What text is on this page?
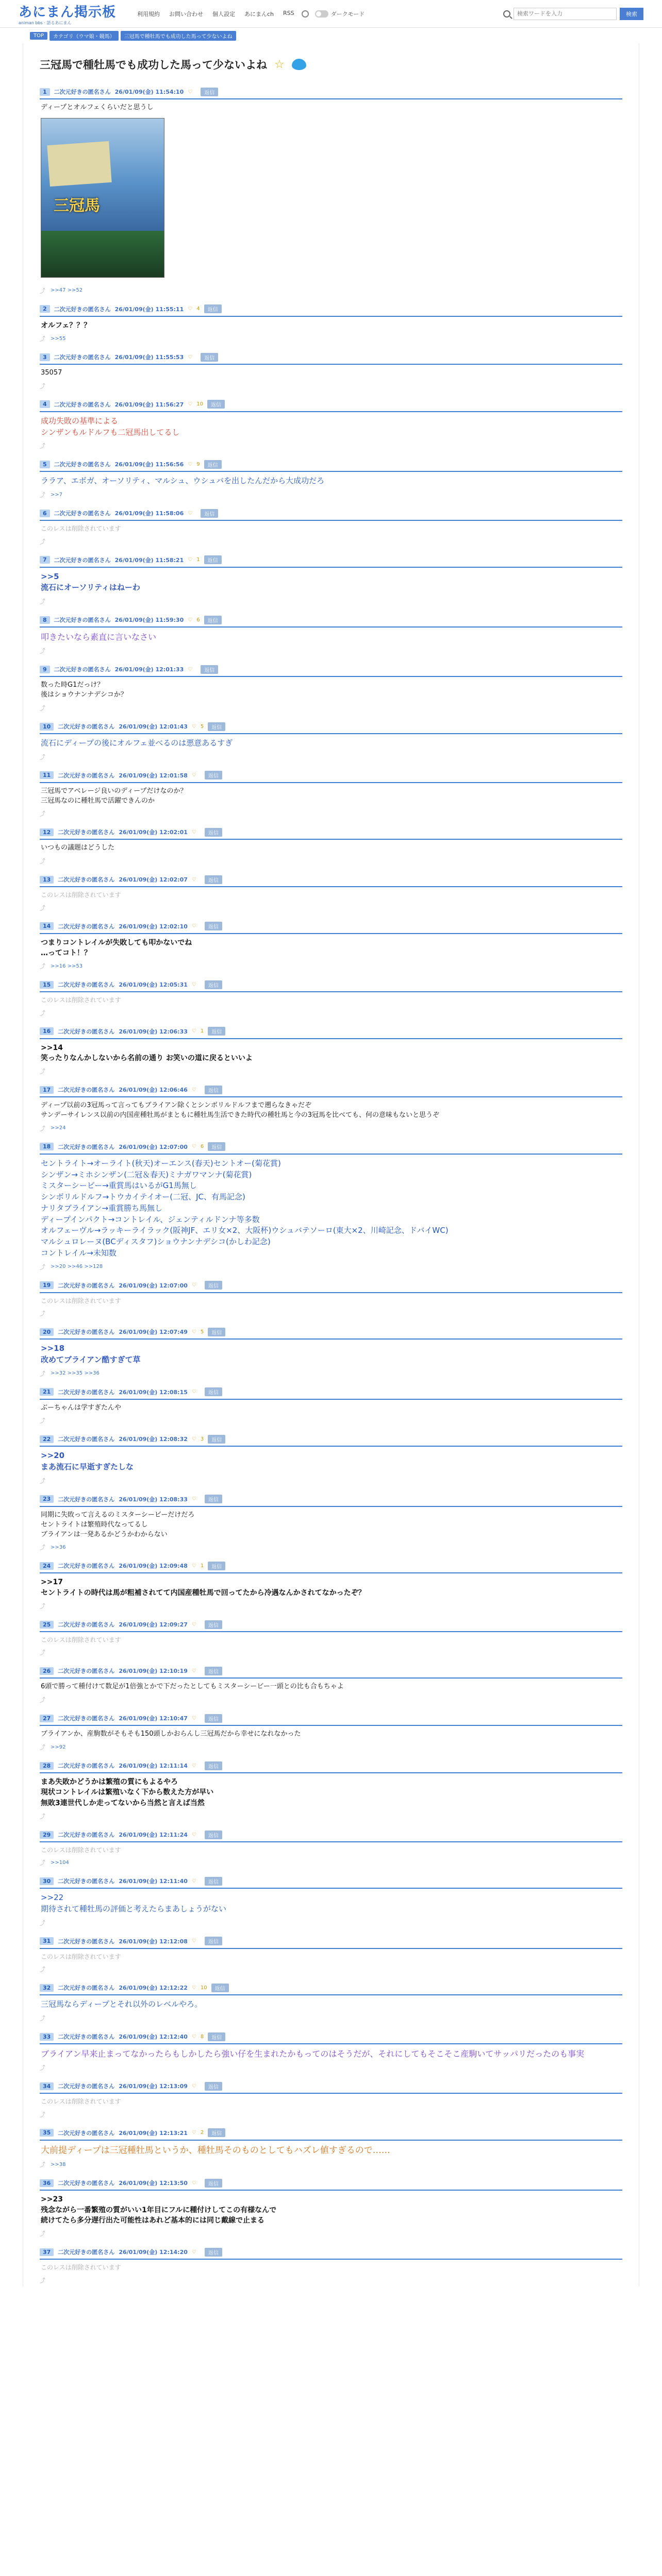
あにまん掲示板
animan bbs · 語るあにまん
利用規約 お問い合わせ 個人設定 あにまんch RSS	ダークモード
検索ワードを入力	検索
TOP	カテゴリ（ウマ娘・競馬）	三冠馬で種牡馬でも成功した馬って少ないよね
三冠馬で種牡馬でも成功した馬って少ないよね ☆
1	二次元好きの匿名さん 26/01/09(金) 11:54:10 ♡	返信
ディープとオルフェくらいだと思うし
三冠馬
⤴ >>47 >>52
2	二次元好きの匿名さん 26/01/09(金) 11:55:11 ♡ 4	返信
オルフェ？？？
⤴ >>55
3	二次元好きの匿名さん 26/01/09(金) 11:55:53 ♡	返信
35057
⤴
4	二次元好きの匿名さん 26/01/09(金) 11:56:27 ♡ 10	返信
成功失敗の基準による
シンザンもルドルフも二冠馬出してるし
⤴
5	二次元好きの匿名さん 26/01/09(金) 11:56:56 ♡ 9	返信
ララア、エボガ、オーソリティ、マルシュ、ウシュバを出したんだから大成功だろ
⤴ >>7
6	二次元好きの匿名さん 26/01/09(金) 11:58:06 ♡	返信
このレスは削除されています
⤴
7	二次元好きの匿名さん 26/01/09(金) 11:58:21 ♡ 1	返信
>>5
流石にオーソリティはねーわ
⤴
8	二次元好きの匿名さん 26/01/09(金) 11:59:30 ♡ 6	返信
叩きたいなら素直に言いなさい
⤴
9	二次元好きの匿名さん 26/01/09(金) 12:01:33 ♡	返信
数った時G1だっけ？
後はショウナンナデシコか？
⤴
10	二次元好きの匿名さん 26/01/09(金) 12:01:43 ♡ 5	返信
流石にディープの後にオルフェ並べるのは悪意あるすぎ
⤴
11	二次元好きの匿名さん 26/01/09(金) 12:01:58 ♡	返信
三冠馬でアベレージ良いのディープだけなのか？
三冠馬なのに種牡馬で活躍できんのか
⤴
12	二次元好きの匿名さん 26/01/09(金) 12:02:01 ♡	返信
いつもの議題はどうした
⤴
13	二次元好きの匿名さん 26/01/09(金) 12:02:07 ♡	返信
このレスは削除されています
⤴
14	二次元好きの匿名さん 26/01/09(金) 12:02:10 ♡	返信
つまりコントレイルが失敗しても叩かないでね
…ってコト！？
⤴ >>16 >>53
15	二次元好きの匿名さん 26/01/09(金) 12:05:31 ♡	返信
このレスは削除されています
⤴
16	二次元好きの匿名さん 26/01/09(金) 12:06:33 ♡ 1	返信
>>14
笑ったりなんかしないから名前の通り お笑いの道に戻るといいよ
⤴
17	二次元好きの匿名さん 26/01/09(金) 12:06:46 ♡	返信
ディープ以前の3冠馬って言ってもブライアン除くとシンボリルドルフまで遡らなきゃだぞ
サンデーサイレンス以前の内国産種牡馬がまともに種牡馬生活できた時代の種牡馬と今の3冠馬を比べても、何の意味もないと思うぞ
⤴ >>24
18	二次元好きの匿名さん 26/01/09(金) 12:07:00 ♡ 6	返信
セントライト→オーライト(秋天)オーエンス(春天)セントオー(菊花賞)
シンザン→ミホシンザン(二冠＆春天)ミナガワマンナ(菊花賞)
ミスターシービー→重賞馬はいるがG1馬無し
シンボリルドルフ→トウカイテイオー(二冠、JC、有馬記念)
ナリタブライアン→重賞勝ち馬無し
ディープインパクト→コントレイル、ジェンティルドンナ等多数
オルフェーヴル→ラッキーライラック(阪神JF、エリ女×2、大阪杯)ウシュバテソーロ(東大×2、川崎記念、ドバイWC)
マルシュロレーヌ(BCディスタフ)ショウナンナデシコ(かしわ記念)
コントレイル→未知数
⤴ >>20 >>46 >>128
19	二次元好きの匿名さん 26/01/09(金) 12:07:00 ♡	返信
このレスは削除されています
⤴
20	二次元好きの匿名さん 26/01/09(金) 12:07:49 ♡ 5	返信
>>18
改めてブライアン酷すぎて草
⤴ >>32 >>35 >>36
21	二次元好きの匿名さん 26/01/09(金) 12:08:15 ♡	返信
ぶーちゃんは学すぎたんや
⤴
22	二次元好きの匿名さん 26/01/09(金) 12:08:32 ♡ 3	返信
>>20
まあ流石に早逝すぎたしな
⤴
23	二次元好きの匿名さん 26/01/09(金) 12:08:33 ♡	返信
同期に失敗って言えるのミスターシービーだけだろ
セントライトは繁殖時代なってるし
ブライアンは一発あるかどうかわからない
⤴ >>36
24	二次元好きの匿名さん 26/01/09(金) 12:09:48 ♡ 1	返信
>>17
セントライトの時代は馬が粗補されてて内国産種牡馬で回ってたから冷遇なんかされてなかったぞ？
⤴
25	二次元好きの匿名さん 26/01/09(金) 12:09:27 ♡	返信
このレスは削除されています
⤴
26	二次元好きの匿名さん 26/01/09(金) 12:10:19 ♡	返信
6頭で勝って種付けて数足が1倍強とかで下だったとしてもミスターシービー一頭との比も合もちゃよ
⤴
27	二次元好きの匿名さん 26/01/09(金) 12:10:47 ♡	返信
ブライアンか、産駒数がそもそも150頭しかおらんし三冠馬だから幸せになれなかった
⤴ >>92
28	二次元好きの匿名さん 26/01/09(金) 12:11:14 ♡	返信
まあ失敗かどうかは繁殖の質にもよるやろ
現状コントレイルは繁殖いなく下から数えた方が早い
無敗3連世代しか走ってないから当然と言えば当然
⤴
29	二次元好きの匿名さん 26/01/09(金) 12:11:24 ♡	返信
このレスは削除されています
⤴ >>104
30	二次元好きの匿名さん 26/01/09(金) 12:11:40 ♡	返信
>>22
期待されて種牡馬の評価と考えたらまあしょうがない
⤴
31	二次元好きの匿名さん 26/01/09(金) 12:12:08 ♡	返信
このレスは削除されています
⤴
32	二次元好きの匿名さん 26/01/09(金) 12:12:22 ♡ 10	返信
三冠馬ならディープとそれ以外のレベルやろ。
⤴
33	二次元好きの匿名さん 26/01/09(金) 12:12:40 ♡ 8	返信
ブライアン早来止まってなかったらもしかしたら強い仔を生まれたかもってのはそうだが、それにしてもそこそこ産駒いてサッパリだったのも事実
⤴
34	二次元好きの匿名さん 26/01/09(金) 12:13:09 ♡	返信
このレスは削除されています
⤴
35	二次元好きの匿名さん 26/01/09(金) 12:13:21 ♡ 2	返信
大前提ディープは三冠種牡馬というか、種牡馬そのものとしてもハズレ値すぎるので……
⤴ >>38
36	二次元好きの匿名さん 26/01/09(金) 12:13:50 ♡	返信
>>23
残念ながら一番繁殖の質がいい1年目にフルに種付けしてこの有様なんで
続けてたら多分遅行出た可能性はあれど基本的には同じ戴線で止まる
⤴
37	二次元好きの匿名さん 26/01/09(金) 12:14:20 ♡	返信
このレスは削除されています
⤴
